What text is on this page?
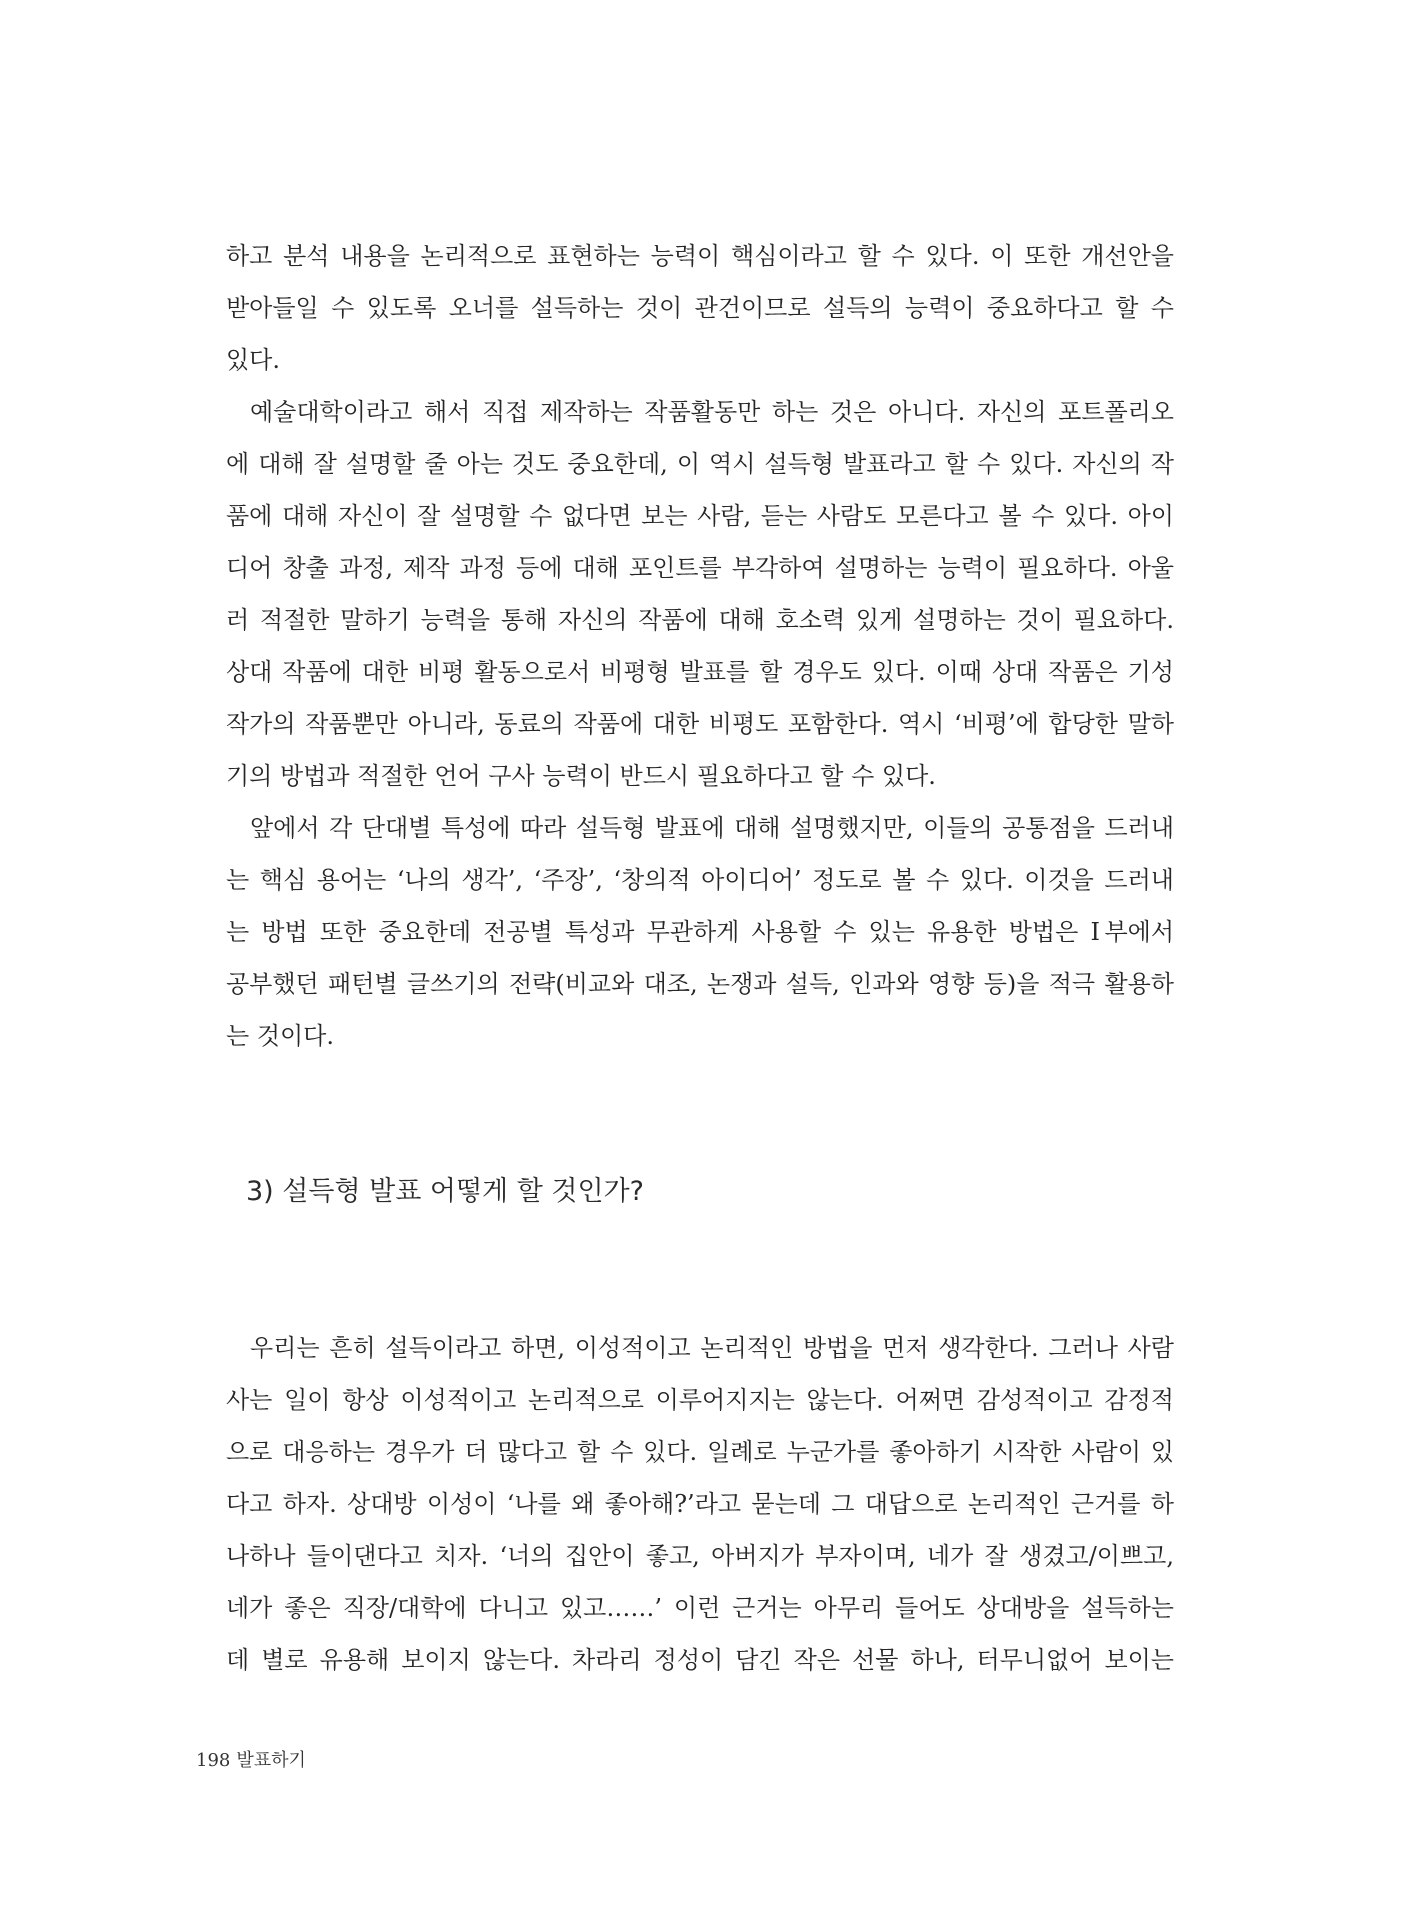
하고 분석 내용을 논리적으로 표현하는 능력이 핵심이라고 할 수 있다. 이 또한 개선안을
받아들일 수 있도록 오너를 설득하는 것이 관건이므로 설득의 능력이 중요하다고 할 수
있다.
예술대학이라고 해서 직접 제작하는 작품활동만 하는 것은 아니다. 자신의 포트폴리오
에 대해 잘 설명할 줄 아는 것도 중요한데, 이 역시 설득형 발표라고 할 수 있다. 자신의 작
품에 대해 자신이 잘 설명할 수 없다면 보는 사람, 듣는 사람도 모른다고 볼 수 있다. 아이
디어 창출 과정, 제작 과정 등에 대해 포인트를 부각하여 설명하는 능력이 필요하다. 아울
러 적절한 말하기 능력을 통해 자신의 작품에 대해 호소력 있게 설명하는 것이 필요하다.
상대 작품에 대한 비평 활동으로서 비평형 발표를 할 경우도 있다. 이때 상대 작품은 기성
작가의 작품뿐만 아니라, 동료의 작품에 대한 비평도 포함한다. 역시 ‘비평’에 합당한 말하
기의 방법과 적절한 언어 구사 능력이 반드시 필요하다고 할 수 있다.
앞에서 각 단대별 특성에 따라 설득형 발표에 대해 설명했지만, 이들의 공통점을 드러내
는 핵심 용어는 ‘나의 생각’, ‘주장’, ‘창의적 아이디어’ 정도로 볼 수 있다. 이것을 드러내
는 방법 또한 중요한데 전공별 특성과 무관하게 사용할 수 있는 유용한 방법은 Ⅰ부에서
공부했던 패턴별 글쓰기의 전략(비교와 대조, 논쟁과 설득, 인과와 영향 등)을 적극 활용하
는 것이다.
3) 설득형 발표 어떻게 할 것인가?
우리는 흔히 설득이라고 하면, 이성적이고 논리적인 방법을 먼저 생각한다. 그러나 사람
사는 일이 항상 이성적이고 논리적으로 이루어지지는 않는다. 어쩌면 감성적이고 감정적
으로 대응하는 경우가 더 많다고 할 수 있다. 일례로 누군가를 좋아하기 시작한 사람이 있
다고 하자. 상대방 이성이 ‘나를 왜 좋아해?’라고 묻는데 그 대답으로 논리적인 근거를 하
나하나 들이댄다고 치자. ‘너의 집안이 좋고, 아버지가 부자이며, 네가 잘 생겼고/이쁘고,
네가 좋은 직장/대학에 다니고 있고……’ 이런 근거는 아무리 들어도 상대방을 설득하는
데 별로 유용해 보이지 않는다. 차라리 정성이 담긴 작은 선물 하나, 터무니없어 보이는
198 발표하기
